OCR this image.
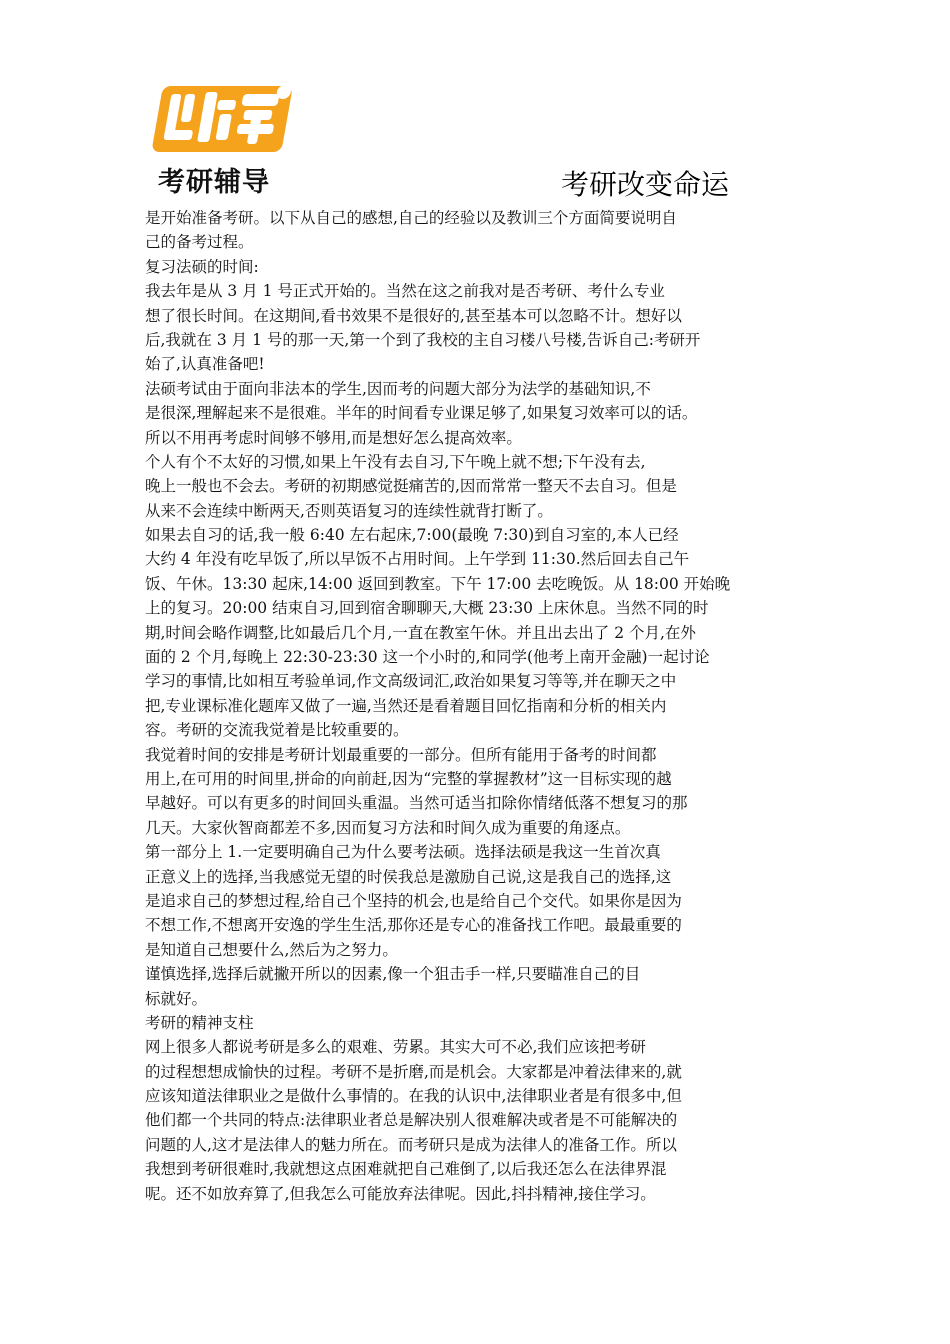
考研辅导	考研改变命运
是开始准备考研。以下从自己的感想,自己的经验以及教训三个方面简要说明自
己的备考过程。
复习法硕的时间:
我去年是从 3 月 1 号正式开始的。当然在这之前我对是否考研、考什么专业
想了很长时间。在这期间,看书效果不是很好的,甚至基本可以忽略不计。想好以
后,我就在 3 月 1 号的那一天,第一个到了我校的主自习楼八号楼,告诉自己:考研开
始了,认真准备吧!
法硕考试由于面向非法本的学生,因而考的问题大部分为法学的基础知识,不
是很深,理解起来不是很难。半年的时间看专业课足够了,如果复习效率可以的话。
所以不用再考虑时间够不够用,而是想好怎么提高效率。
个人有个不太好的习惯,如果上午没有去自习,下午晚上就不想;下午没有去,
晚上一般也不会去。考研的初期感觉挺痛苦的,因而常常一整天不去自习。但是
从来不会连续中断两天,否则英语复习的连续性就背打断了。
如果去自习的话,我一般 6:40 左右起床,7:00(最晚 7:30)到自习室的,本人已经
大约 4 年没有吃早饭了,所以早饭不占用时间。上午学到 11:30.然后回去自己午
饭、午休。13:30 起床,14:00 返回到教室。下午 17:00 去吃晚饭。从 18:00 开始晚
上的复习。20:00 结束自习,回到宿舍聊聊天,大概 23:30 上床休息。当然不同的时
期,时间会略作调整,比如最后几个月,一直在教室午休。并且出去出了 2 个月,在外
面的 2 个月,每晚上 22:30-23:30 这一个小时的,和同学(他考上南开金融)一起讨论
学习的事情,比如相互考验单词,作文高级词汇,政治如果复习等等,并在聊天之中
把,专业课标准化题库又做了一遍,当然还是看着题目回忆指南和分析的相关内
容。考研的交流我觉着是比较重要的。
我觉着时间的安排是考研计划最重要的一部分。但所有能用于备考的时间都
用上,在可用的时间里,拼命的向前赶,因为“完整的掌握教材”这一目标实现的越
早越好。可以有更多的时间回头重温。当然可适当扣除你情绪低落不想复习的那
几天。大家伙智商都差不多,因而复习方法和时间久成为重要的角逐点。
第一部分上 1.一定要明确自己为什么要考法硕。选择法硕是我这一生首次真
正意义上的选择,当我感觉无望的时侯我总是激励自己说,这是我自己的选择,这
是追求自己的梦想过程,给自己个坚持的机会,也是给自己个交代。如果你是因为
不想工作,不想离开安逸的学生生活,那你还是专心的准备找工作吧。最最重要的
是知道自己想要什么,然后为之努力。
谨慎选择,选择后就撇开所以的因素,像一个狙击手一样,只要瞄准自己的目
标就好。
考研的精神支柱
网上很多人都说考研是多么的艰难、劳累。其实大可不必,我们应该把考研
的过程想想成愉快的过程。考研不是折磨,而是机会。大家都是冲着法律来的,就
应该知道法律职业之是做什么事情的。在我的认识中,法律职业者是有很多中,但
他们都一个共同的特点:法律职业者总是解决别人很难解决或者是不可能解决的
问题的人,这才是法律人的魅力所在。而考研只是成为法律人的准备工作。所以
我想到考研很难时,我就想这点困难就把自己难倒了,以后我还怎么在法律界混
呢。还不如放弃算了,但我怎么可能放弃法律呢。因此,抖抖精神,接住学习。
